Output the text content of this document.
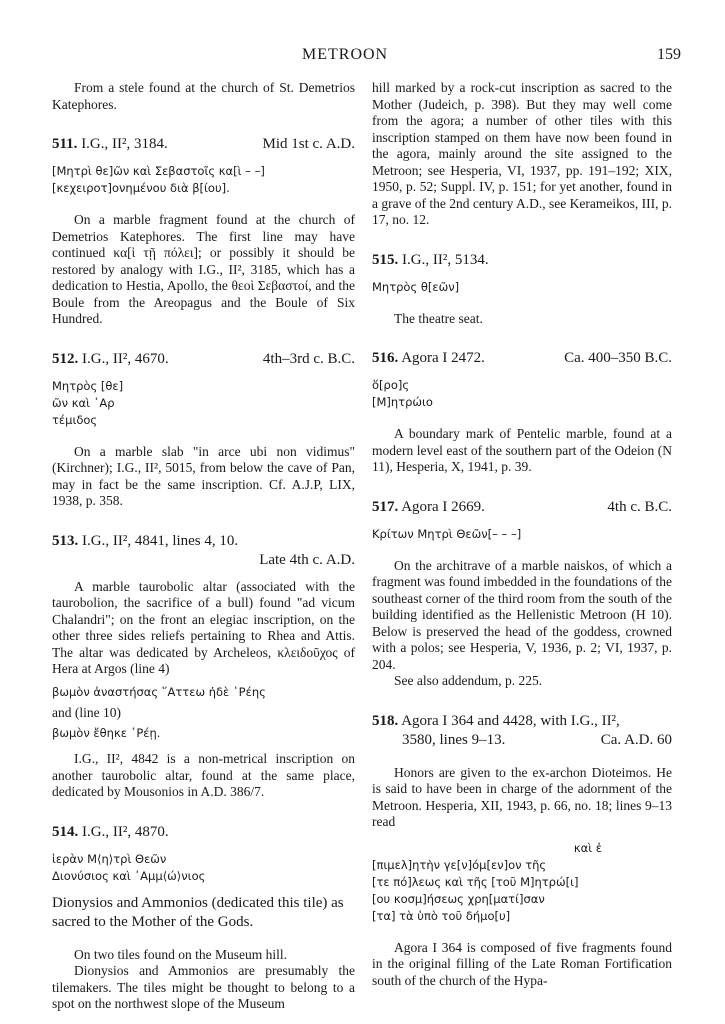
METROON	159

From a stele found at the church of St. Demetrios Katephores.

511. I.G., II², 3184.	Mid 1st c. A.D.
[Μητρὶ θε]ῶν καὶ Σεβαστοῖς κα[ὶ – –]
[κεχειροτ]ονημένου διὰ β[ίου].

On a marble fragment found at the church of Demetrios Katephores. The first line may have continued κα[ὶ τῇ πόλει]; or possibly it should be restored by analogy with I.G., II², 3185, which has a dedication to Hestia, Apollo, the θεοὶ Σεβαστοί, and the Boule from the Areopagus and the Boule of Six Hundred.

512. I.G., II², 4670.	4th–3rd c. B.C.
Μητρὸς [θε]
ῶν καὶ ᾿Αρ
τέμιδος

On a marble slab "in arce ubi non vidimus" (Kirchner); I.G., II², 5015, from below the cave of Pan, may in fact be the same inscription. Cf. A.J.P, LIX, 1938, p. 358.

513. I.G., II², 4841, lines 4, 10.
Late 4th c. A.D.

A marble taurobolic altar (associated with the taurobolion, the sacrifice of a bull) found "ad vicum Chalandri"; on the front an elegiac inscription, on the other three sides reliefs pertaining to Rhea and Attis. The altar was dedicated by Archeleos, κλειδοῦχος of Hera at Argos (line 4)

βωμὸν ἀναστήσας ῞Αττεω ἠδὲ ῾Ρέης

and (line 10)

βωμὸν ἔθηκε ῾Ρέῃ.

I.G., II², 4842 is a non-metrical inscription on another taurobolic altar, found at the same place, dedicated by Mousonios in A.D. 386/7.

514. I.G., II², 4870.
ἱερὰν Μ⟨η⟩τρὶ Θεῶν
Διονύσιος καὶ ᾿Αμμ⟨ώ⟩νιος

Dionysios and Ammonios (dedicated this tile) as sacred to the Mother of the Gods.

On two tiles found on the Museum hill.

Dionysios and Ammonios are presumably the tilemakers. The tiles might be thought to belong to a spot on the northwest slope of the Museum

hill marked by a rock-cut inscription as sacred to the Mother (Judeich, p. 398). But they may well come from the agora; a number of other tiles with this inscription stamped on them have now been found in the agora, mainly around the site assigned to the Metroon; see Hesperia, VI, 1937, pp. 191–192; XIX, 1950, p. 52; Suppl. IV, p. 151; for yet another, found in a grave of the 2nd century A.D., see Kerameikos, III, p. 17, no. 12.

515. I.G., II², 5134.
Μητρὸς θ[εῶν]

The theatre seat.

516. Agora I 2472.	Ca. 400–350 B.C.
ὅ[ρο]ς
[Μ]ητρώιο

A boundary mark of Pentelic marble, found at a modern level east of the southern part of the Odeion (N 11), Hesperia, X, 1941, p. 39.

517. Agora I 2669.	4th c. B.C.
Κρίτων Μητρὶ Θεῶν[– – –]

On the architrave of a marble naiskos, of which a fragment was found imbedded in the foundations of the southeast corner of the third room from the south of the building identified as the Hellenistic Metroon (H 10). Below is preserved the head of the goddess, crowned with a polos; see Hesperia, V, 1936, p. 2; VI, 1937, p. 204.

See also addendum, p. 225.

518. Agora I 364 and 4428, with I.G., II²,
3580, lines 9–13.	Ca. A.D. 60

Honors are given to the ex-archon Dioteimos. He is said to have been in charge of the adornment of the Metroon. Hesperia, XII, 1943, p. 66, no. 18; lines 9–13 read

καὶ ἐ
[πιμελ]ητὴν γε[ν]όμ[εν]ον τῆς
[τε πό]λεως καὶ τῆς [τοῦ Μ]ητρώ[ι]
[ου κοσμ]ήσεως χρη[ματί]σαν
[τα] τὰ ὑπὸ τοῦ δήμο[υ]

Agora I 364 is composed of five fragments found in the original filling of the Late Roman Fortification south of the church of the Hypa-
